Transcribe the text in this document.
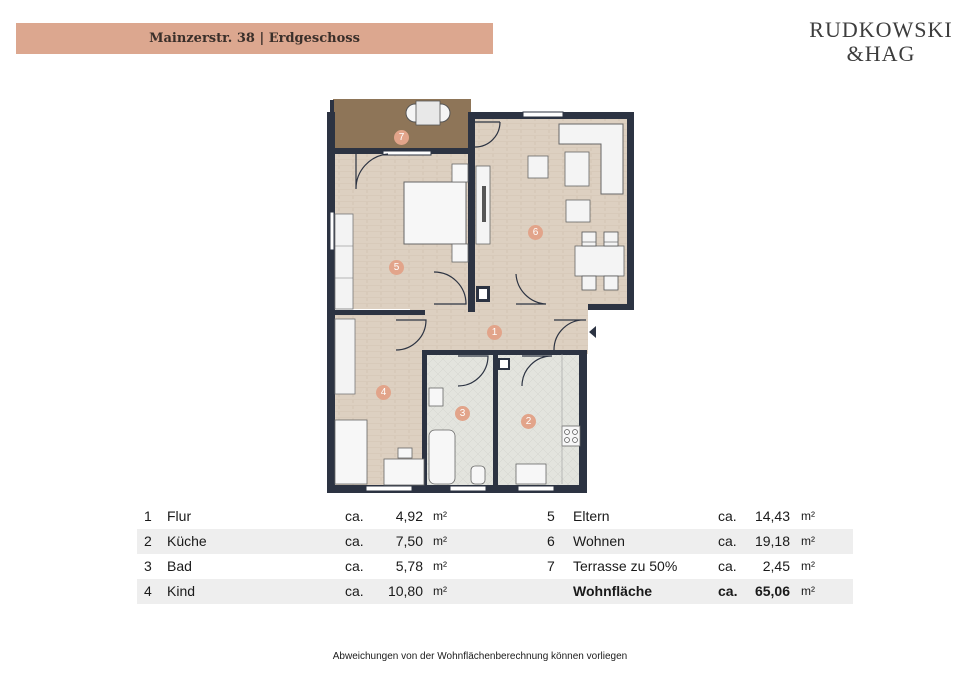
Mainzerstr. 38 | Erdgeschoss	RUDKOWSKI
&HAG
7
6
5
1
4
3
2
1 Flur	ca. 4,92 m²	5 Eltern	ca. 14,43 m²
2 Küche	ca. 7,50 m²	6 Wohnen	ca. 19,18 m²
3 Bad	ca. 5,78 m²	7 Terrasse zu 50%	ca. 2,45 m²
4 Kind	ca. 10,80 m²	Wohnfläche	ca. 65,06 m²
Abweichungen von der Wohnflächenberechnung können vorliegen
